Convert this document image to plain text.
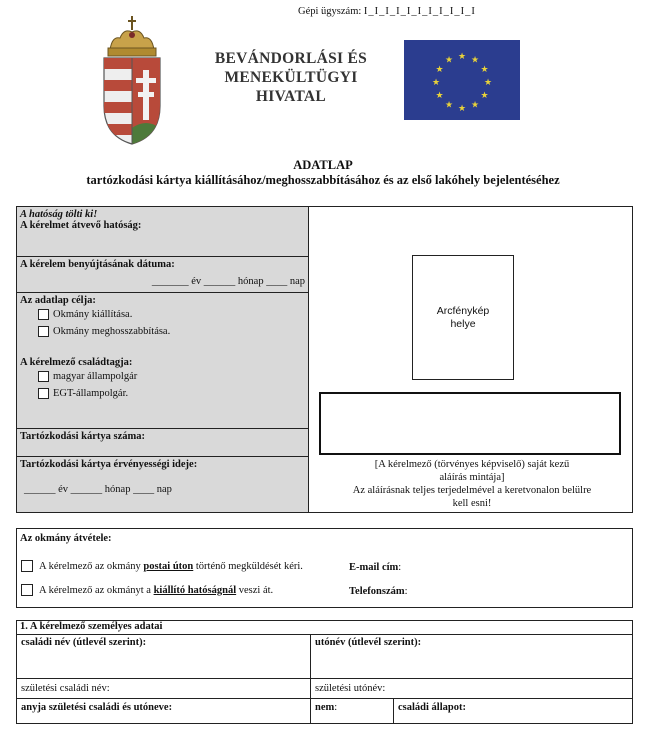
BEVÁNDORLÁSI ÉS
MENEKÜLTÜGYI
HIVATAL
★ ★
★
★
★
★
★
★
★
★
★
★
ADATLAP
tartózkodási kártya kiállításához/meghosszabbításához és az első lakóhely bejelentéséhez
A hatóság tölti ki!
A kérelmet átvevő hatóság:
A kérelem benyújtásának dátuma:
_______ év ______ hónap ____ nap
Az adatlap célja:
Okmány kiállítása.
Okmány meghosszabbítása.
A kérelmező családtagja:
magyar állampolgár
EGT-állampolgár.
Tartózkodási kártya száma:
Tartózkodási kártya érvényességi ideje:
______ év ______ hónap ____ nap
Gépi ügyszám: I_I_I_I_I_I_I_I_I_I_I
Arcfénykép
helye
[A kérelmező (törvényes képviselő) saját kezű
aláírás mintája]
Az aláírásnak teljes terjedelmével a keretvonalon belülre
kell esni!
Az okmány átvétele:
A kérelmező az okmány
postai úton
történő megküldését kéri.	E-mail cím:
A kérelmező az okmányt a
kiállító hatóságnál
veszi át.	Telefonszám:
1. A kérelmező személyes adatai
családi név (útlevél szerint):	utónév (útlevél szerint):
születési családi név:	születési utónév:
anyja születési családi és utóneve:	nem:	családi állapot:
